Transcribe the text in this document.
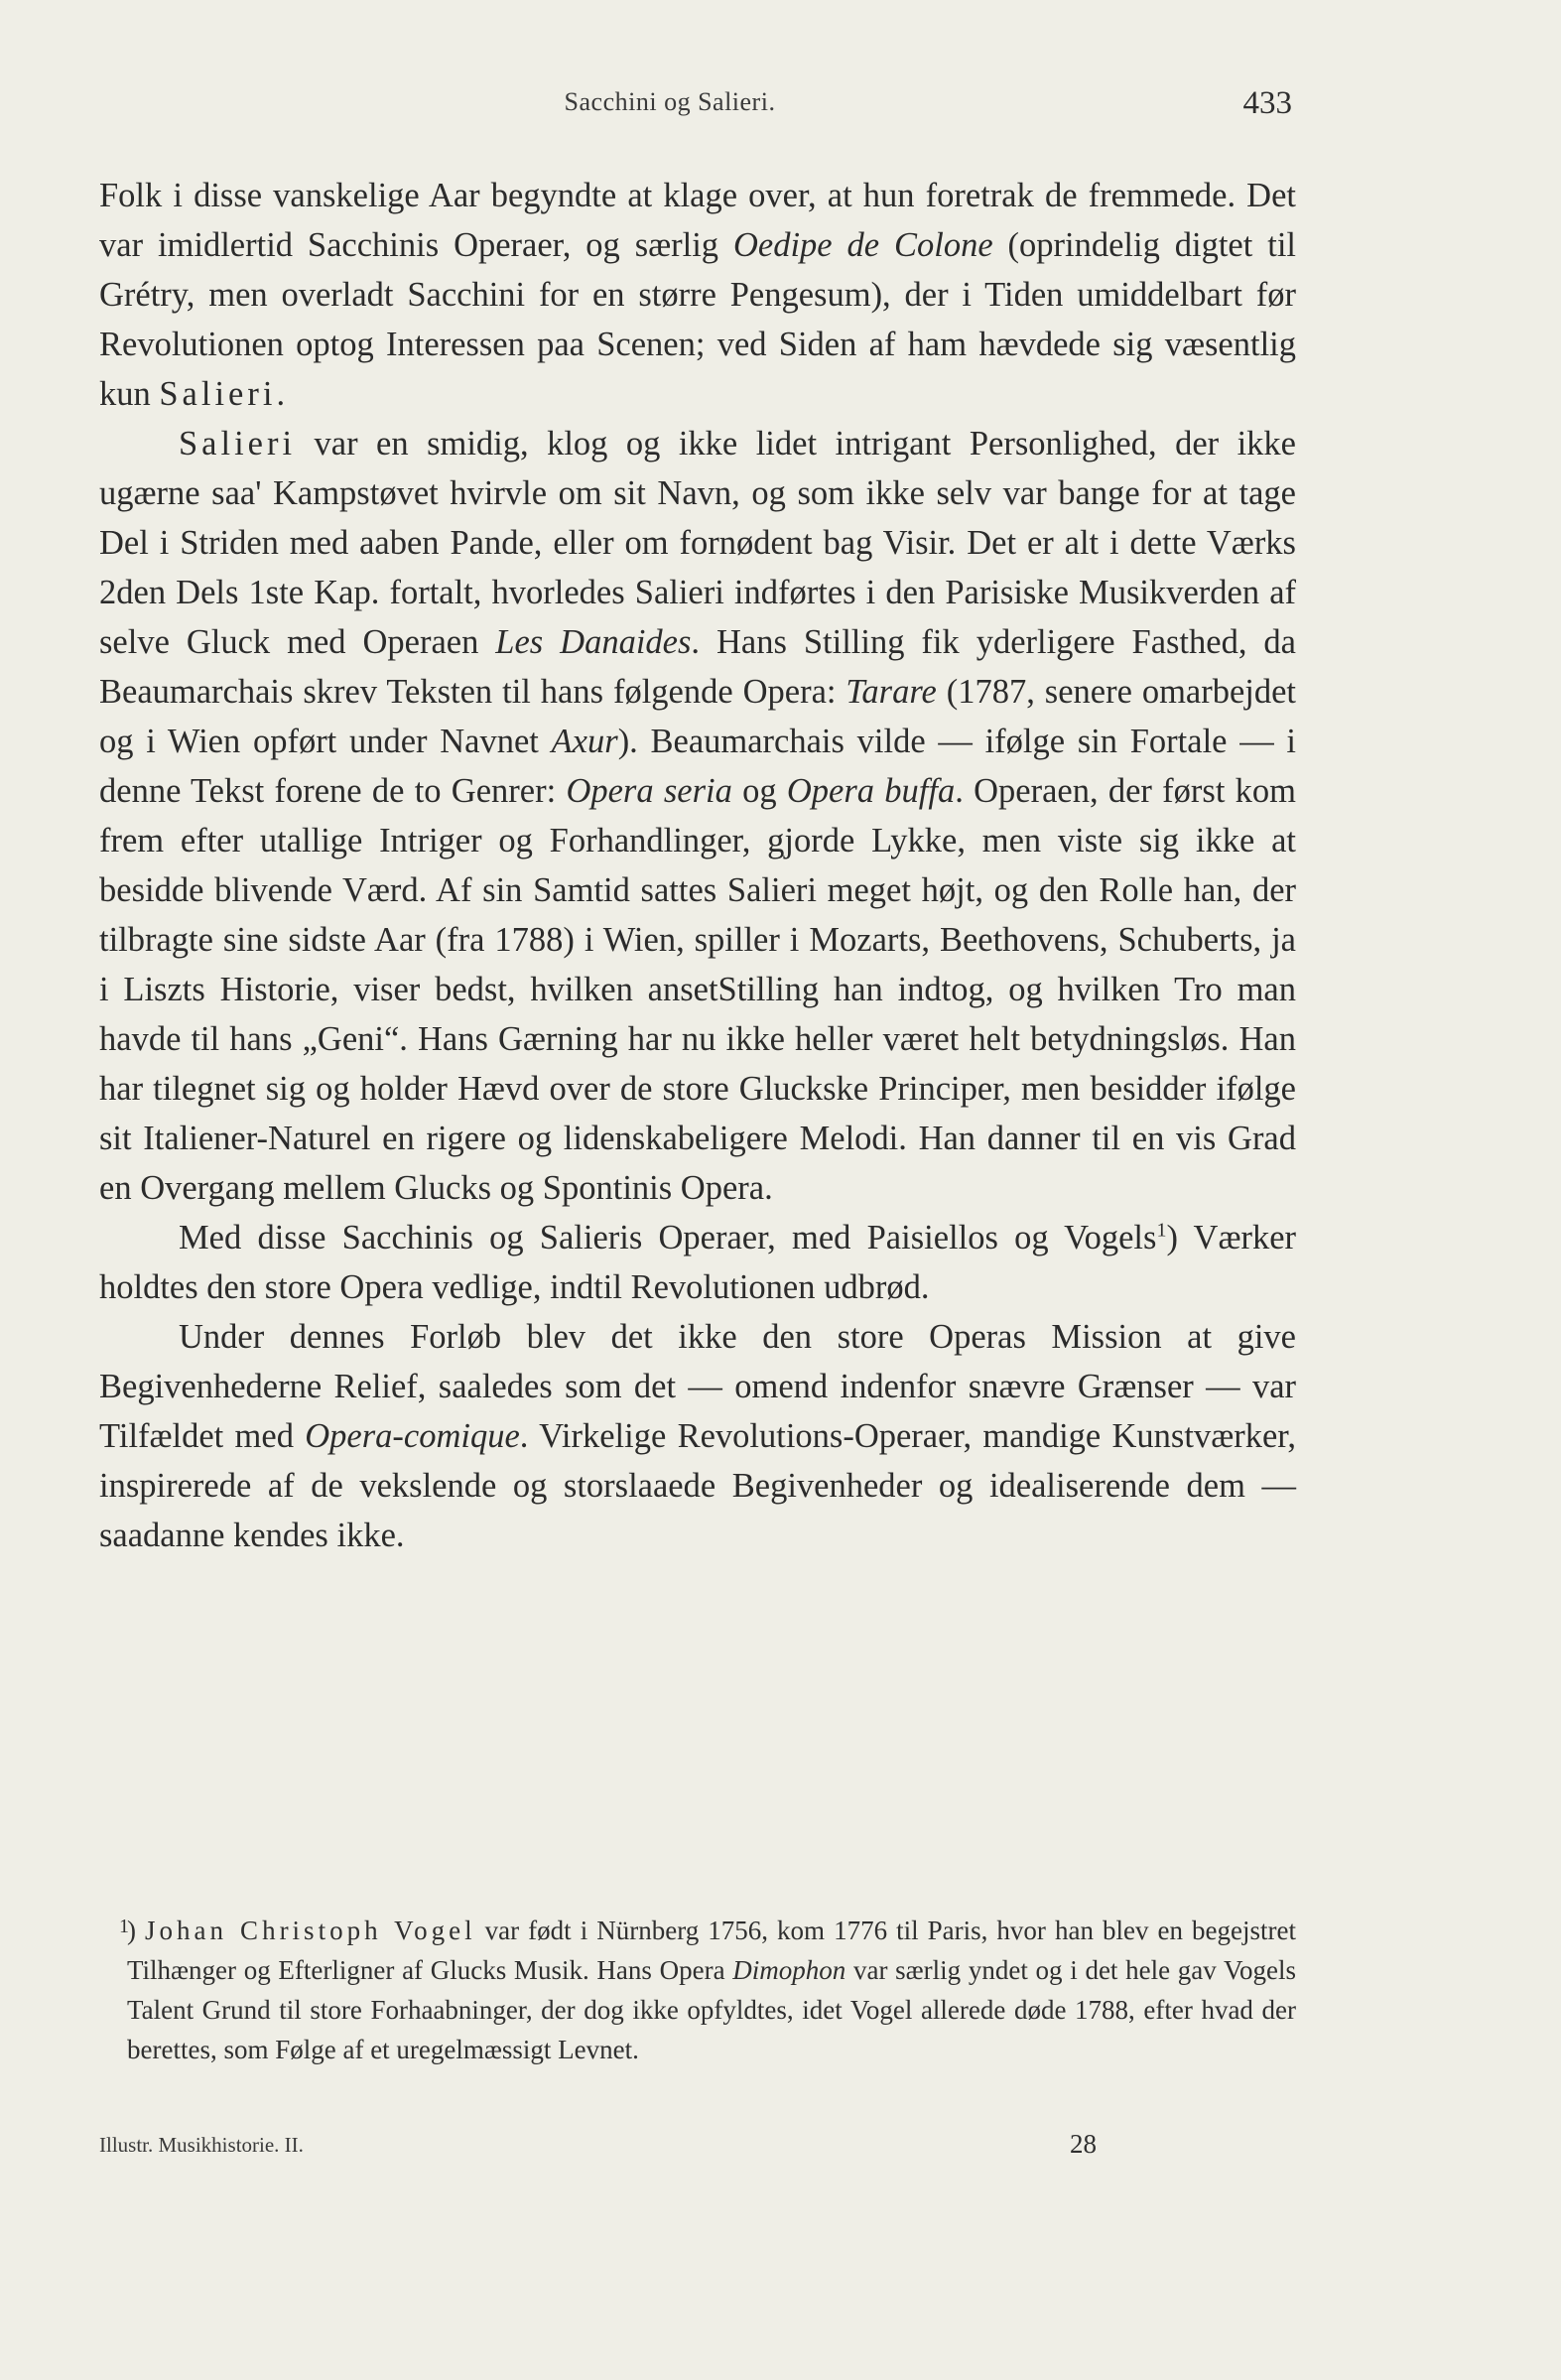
Sacchini og Salieri.	433

Folk i disse vanskelige Aar begyndte at klage over, at hun foretrak de fremmede. Det var imidlertid Sacchinis Operaer, og særlig Oedipe de Colone (oprindelig digtet til Grétry, men overladt Sacchini for en større Pengesum), der i Tiden umiddelbart før Revolutionen optog Interessen paa Scenen; ved Siden af ham hævdede sig væsentlig kun Salieri.

Salieri var en smidig, klog og ikke lidet intrigant Personlighed, der ikke ugærne saa' Kampstøvet hvirvle om sit Navn, og som ikke selv var bange for at tage Del i Striden med aaben Pande, eller om fornødent bag Visir. Det er alt i dette Værks 2den Dels 1ste Kap. fortalt, hvorledes Salieri indførtes i den Parisiske Musikverden af selve Gluck med Operaen Les Danaides. Hans Stilling fik yderligere Fasthed, da Beaumarchais skrev Teksten til hans følgende Opera: Tarare (1787, senere omarbejdet og i Wien opført under Navnet Axur). Beaumarchais vilde — ifølge sin Fortale — i denne Tekst forene de to Genrer: Opera seria og Opera buffa. Operaen, der først kom frem efter utallige Intriger og Forhandlinger, gjorde Lykke, men viste sig ikke at besidde blivende Værd. Af sin Samtid sattes Salieri meget højt, og den Rolle han, der tilbragte sine sidste Aar (fra 1788) i Wien, spiller i Mozarts, Beethovens, Schuberts, ja i Liszts Historie, viser bedst, hvilken ansetStilling han indtog, og hvilken Tro man havde til hans „Geni“. Hans Gærning har nu ikke heller været helt betydningsløs. Han har tilegnet sig og holder Hævd over de store Gluckske Principer, men besidder ifølge sit Italiener-Naturel en rigere og lidenskabeligere Melodi. Han danner til en vis Grad en Overgang mellem Glucks og Spontinis Opera.

Med disse Sacchinis og Salieris Operaer, med Paisiellos og Vogels$^1$) Værker holdtes den store Opera vedlige, indtil Revolutionen udbrød.

Under dennes Forløb blev det ikke den store Operas Mission at give Begivenhederne Relief, saaledes som det — omend indenfor snævre Grænser — var Tilfældet med Opera-comique. Virkelige Revolutions-Operaer, mandige Kunstværker, inspirerede af de vekslende og storslaaede Begivenheder og idealiserende dem — saadanne kendes ikke.

1
) Johan Christoph Vogel var født i Nürnberg 1756, kom 1776 til Paris, hvor han blev en begejstret Tilhænger og Efterligner af Glucks Musik. Hans Opera Dimophon var særlig yndet og i det hele gav Vogels Talent Grund til store Forhaabninger, der dog ikke opfyldtes, idet Vogel allerede døde 1788, efter hvad der berettes, som Følge af et uregelmæssigt Levnet.

Illustr. Musikhistorie. II.	28
